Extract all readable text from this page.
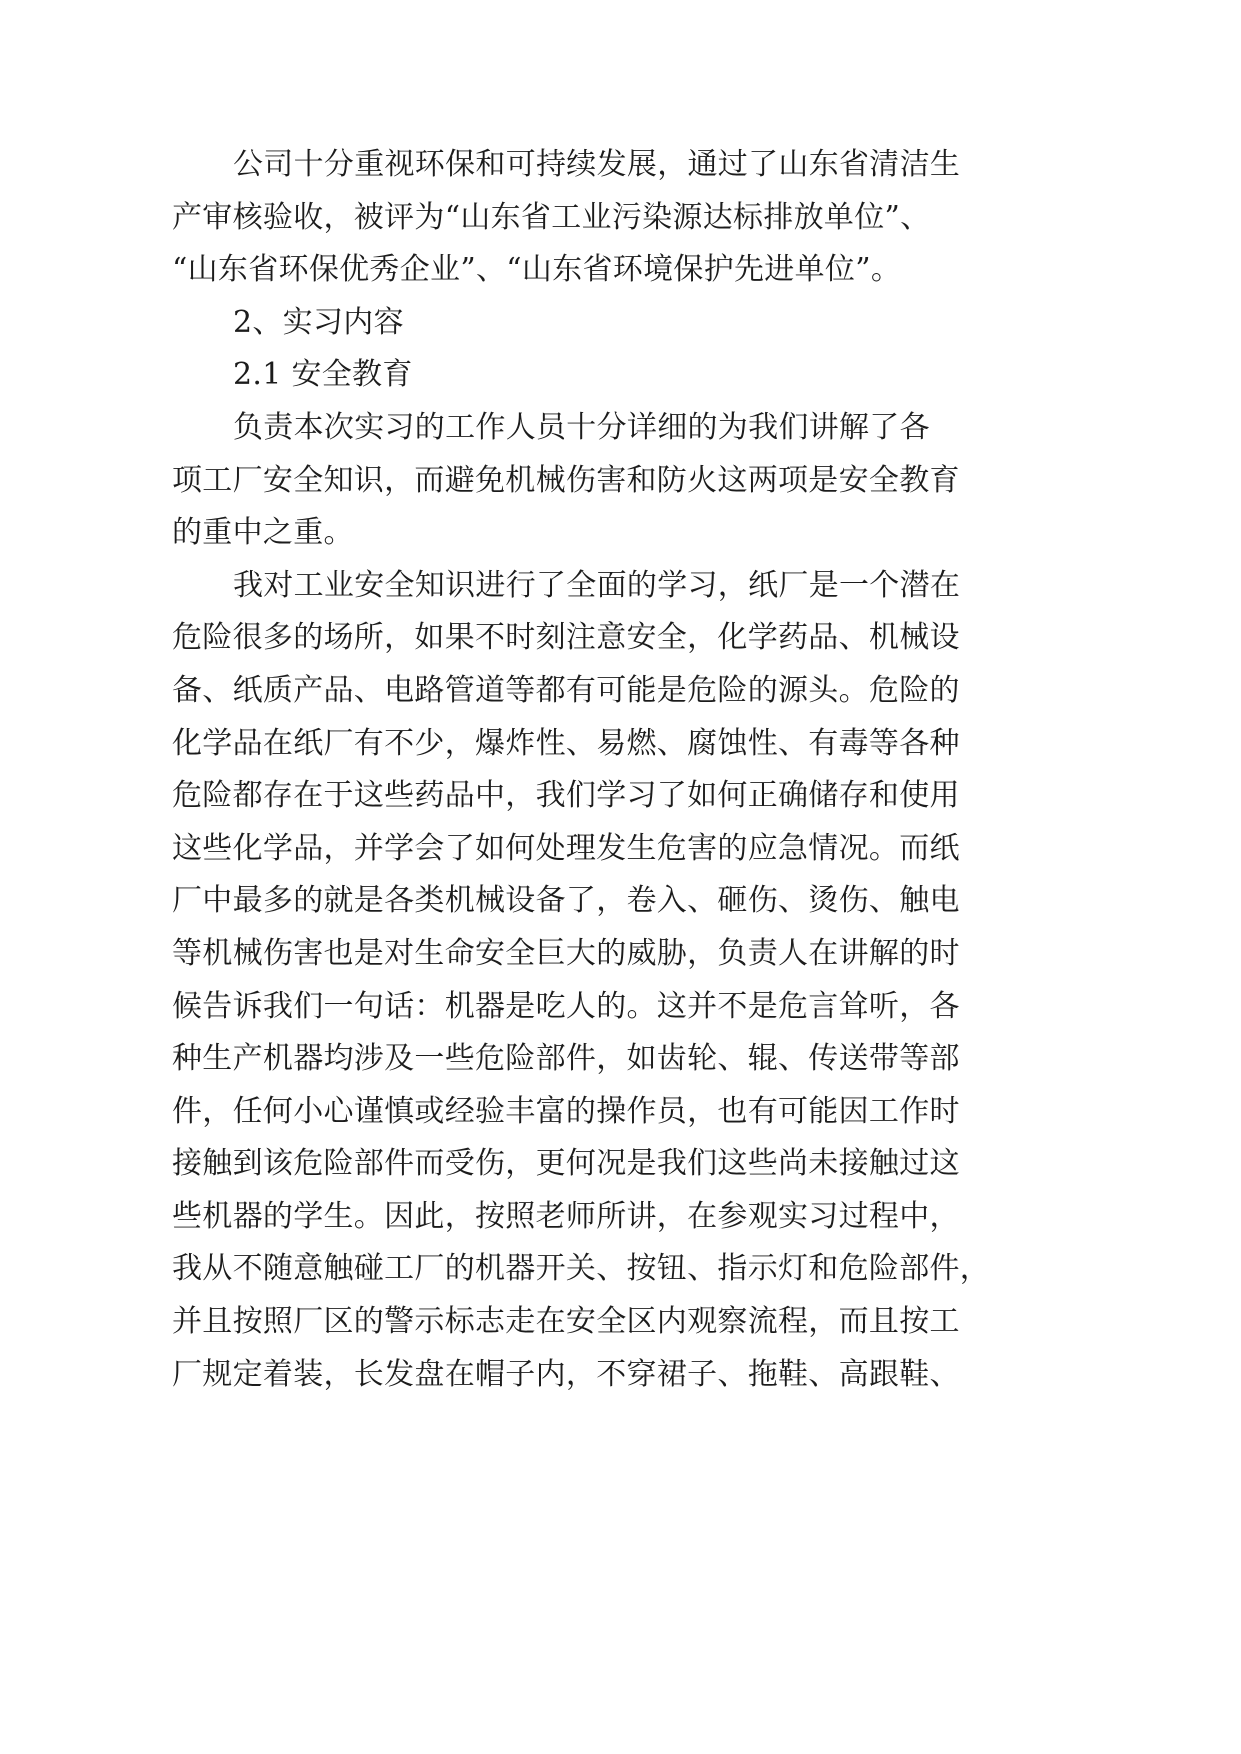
公司十分重视环保和可持续发展，通过了山东省清洁生
产审核验收，被评为“山东省工业污染源达标排放单位”、
“山东省环保优秀企业”、“山东省环境保护先进单位”。
2、实习内容
2.1 安全教育
负责本次实习的工作人员十分详细的为我们讲解了各
项工厂安全知识，而避免机械伤害和防火这两项是安全教育
的重中之重。
我对工业安全知识进行了全面的学习，纸厂是一个潜在
危险很多的场所，如果不时刻注意安全，化学药品、机械设
备、纸质产品、电路管道等都有可能是危险的源头。危险的
化学品在纸厂有不少，爆炸性、易燃、腐蚀性、有毒等各种
危险都存在于这些药品中，我们学习了如何正确储存和使用
这些化学品，并学会了如何处理发生危害的应急情况。而纸
厂中最多的就是各类机械设备了，卷入、砸伤、烫伤、触电
等机械伤害也是对生命安全巨大的威胁，负责人在讲解的时
候告诉我们一句话：机器是吃人的。这并不是危言耸听，各
种生产机器均涉及一些危险部件，如齿轮、辊、传送带等部
件，任何小心谨慎或经验丰富的操作员，也有可能因工作时
接触到该危险部件而受伤，更何况是我们这些尚未接触过这
些机器的学生。因此，按照老师所讲，在参观实习过程中，
我从不随意触碰工厂的机器开关、按钮、指示灯和危险部件，
并且按照厂区的警示标志走在安全区内观察流程，而且按工
厂规定着装，长发盘在帽子内，不穿裙子、拖鞋、高跟鞋、
